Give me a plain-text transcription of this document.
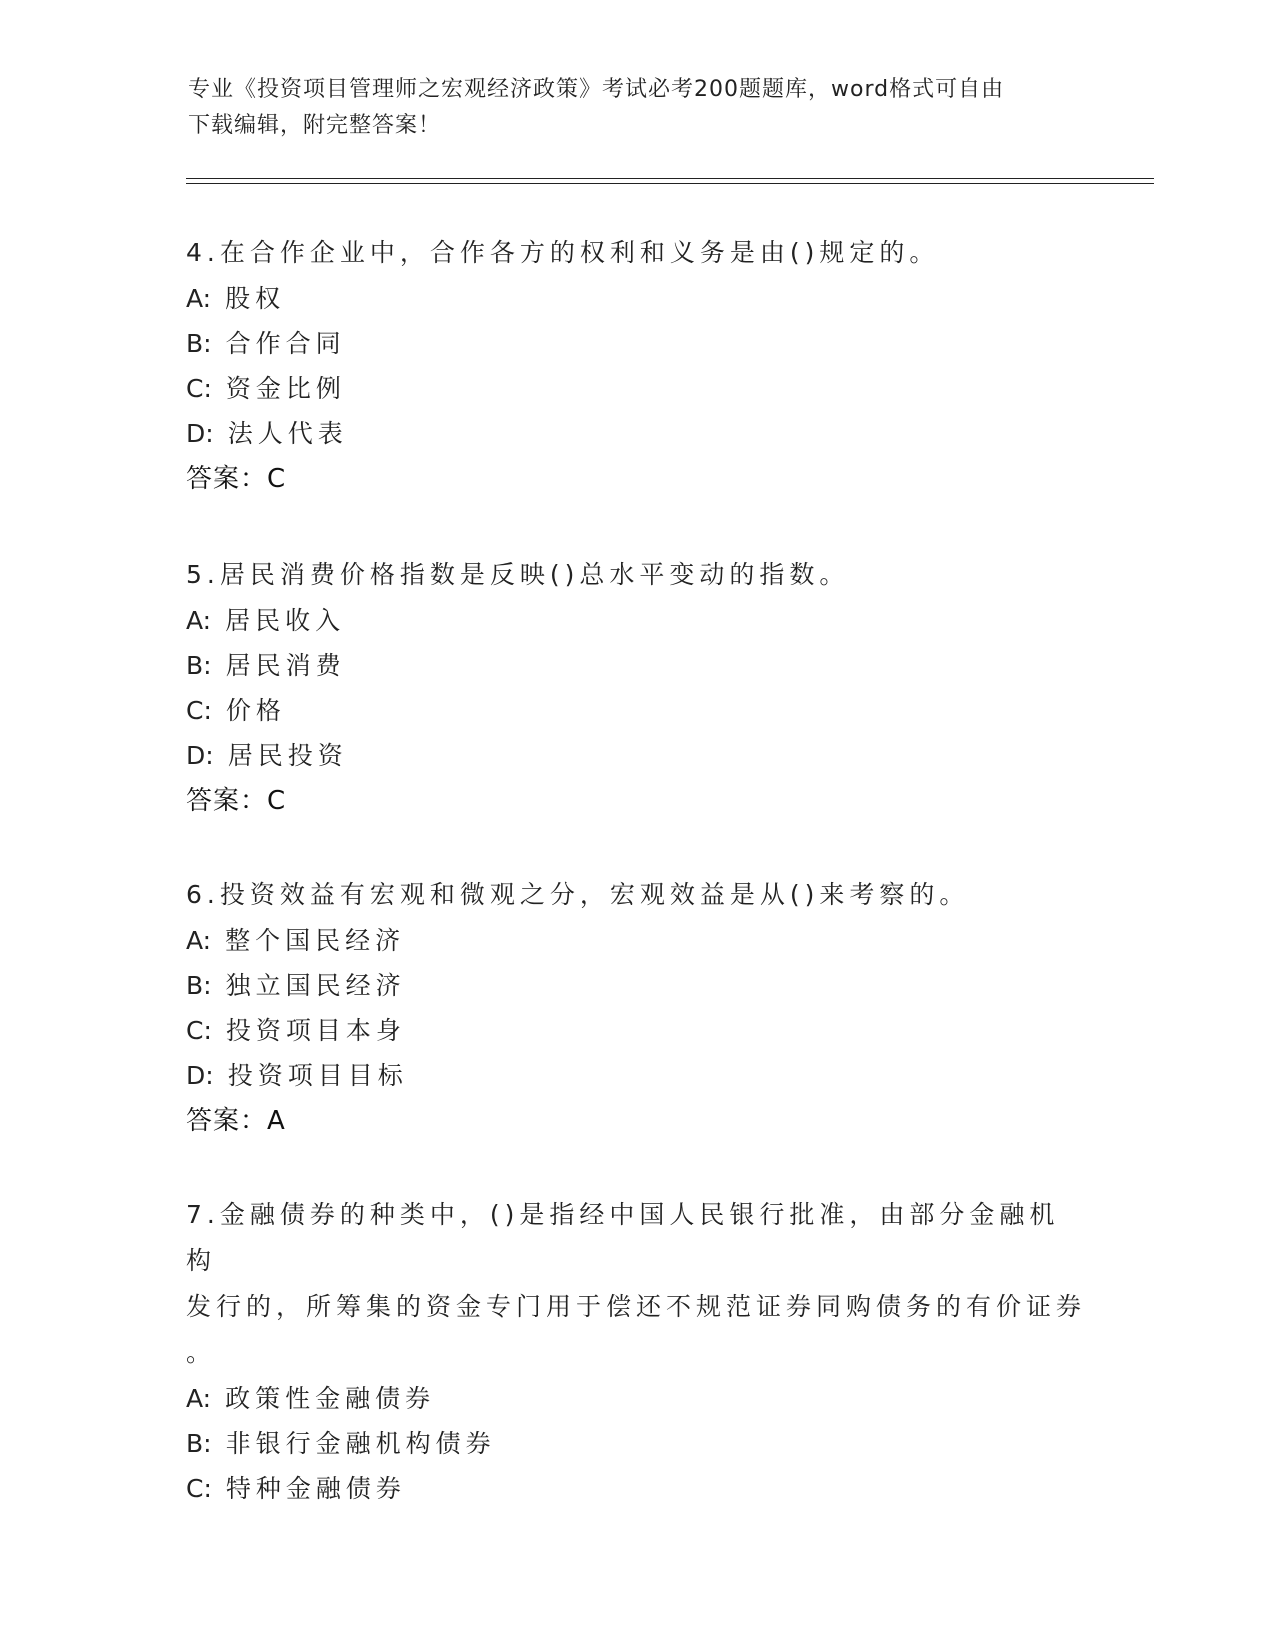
专业《投资项目管理师之宏观经济政策》考试必考200题题库，word格式可自由
下载编辑，附完整答案！

4.在合作企业中，合作各方的权利和义务是由()规定的。

A: 股权
B: 合作合同
C: 资金比例
D: 法人代表

答案：C

5.居民消费价格指数是反映()总水平变动的指数。

A: 居民收入
B: 居民消费
C: 价格
D: 居民投资

答案：C

6.投资效益有宏观和微观之分，宏观效益是从()来考察的。

A: 整个国民经济
B: 独立国民经济
C: 投资项目本身
D: 投资项目目标

答案：A

7.金融债券的种类中，()是指经中国人民银行批准，由部分金融机构

发行的，所筹集的资金专门用于偿还不规范证券同购债务的有价证券

。

A: 政策性金融债券
B: 非银行金融机构债券
C: 特种金融债券
